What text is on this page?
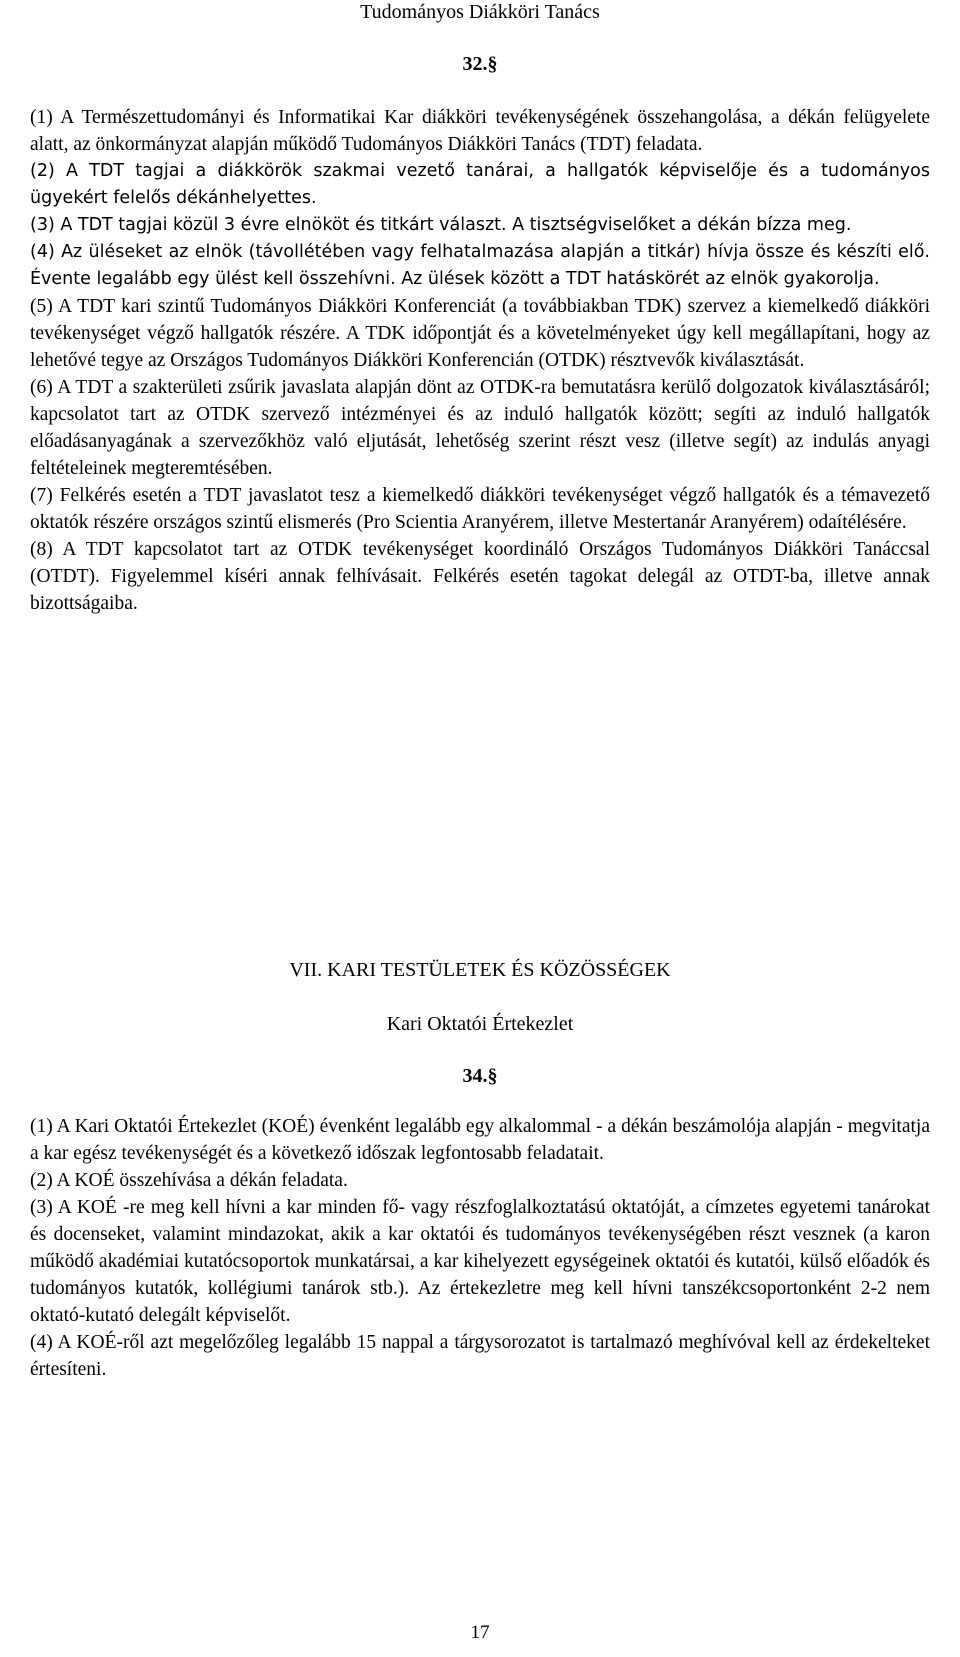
Tudományos Diákköri Tanács
32.§

(1) A Természettudományi és Informatikai Kar diákköri tevékenységének összehangolása, a dékán felügyelete alatt, az önkormányzat alapján működő Tudományos Diákköri Tanács (TDT) feladata.

(2) A TDT tagjai a diákkörök szakmai vezető tanárai, a hallgatók képviselője és a tudományos ügyekért felelős dékánhelyettes.

(3) A TDT tagjai közül 3 évre elnököt és titkárt választ. A tisztségviselőket a dékán bízza meg.

(4) Az üléseket az elnök (távollétében vagy felhatalmazása alapján a titkár) hívja össze és készíti elő. Évente legalább egy ülést kell összehívni. Az ülések között a TDT hatáskörét az elnök gyakorolja.

(5) A TDT kari szintű Tudományos Diákköri Konferenciát (a továbbiakban TDK) szervez a kiemelkedő diákköri tevékenységet végző hallgatók részére. A TDK időpontját és a követelményeket úgy kell megállapítani, hogy az lehetővé tegye az Országos Tudományos Diákköri Konferencián (OTDK) résztvevők kiválasztását.

(6) A TDT a szakterületi zsűrik javaslata alapján dönt az OTDK-ra bemutatásra kerülő dolgozatok kiválasztásáról; kapcsolatot tart az OTDK szervező intézményei és az induló hallgatók között; segíti az induló hallgatók előadásanyagának a szervezőkhöz való eljutását, lehetőség szerint részt vesz (illetve segít) az indulás anyagi feltételeinek megteremtésében.

(7) Felkérés esetén a TDT javaslatot tesz a kiemelkedő diákköri tevékenységet végző hallgatók és a témavezető oktatók részére országos szintű elismerés (Pro Scientia Aranyérem, illetve Mestertanár Aranyérem) odaítélésére.

(8) A TDT kapcsolatot tart az OTDK tevékenységet koordináló Országos Tudományos Diákköri Tanáccsal (OTDT). Figyelemmel kíséri annak felhívásait. Felkérés esetén tagokat delegál az OTDT-ba, illetve annak bizottságaiba.

VII. KARI TESTÜLETEK ÉS KÖZÖSSÉGEK
Kari Oktatói Értekezlet
34.§

(1) A Kari Oktatói Értekezlet (KOÉ) évenként legalább egy alkalommal - a dékán beszámolója alapján - megvitatja a kar egész tevékenységét és a következő időszak legfontosabb feladatait.

(2) A KOÉ összehívása a dékán feladata.

(3) A KOÉ -re meg kell hívni a kar minden fő- vagy részfoglalkoztatású oktatóját, a címzetes egyetemi tanárokat és docenseket, valamint mindazokat, akik a kar oktatói és tudományos tevékenységében részt vesznek (a karon működő akadémiai kutatócsoportok munkatársai, a kar kihelyezett egységeinek oktatói és kutatói, külső előadók és tudományos kutatók, kollégiumi tanárok stb.). Az értekezletre meg kell hívni tanszékcsoportonként 2-2 nem oktató-kutató delegált képviselőt.

(4) A KOÉ-ről azt megelőzőleg legalább 15 nappal a tárgysorozatot is tartalmazó meghívóval kell az érdekelteket értesíteni.

17
